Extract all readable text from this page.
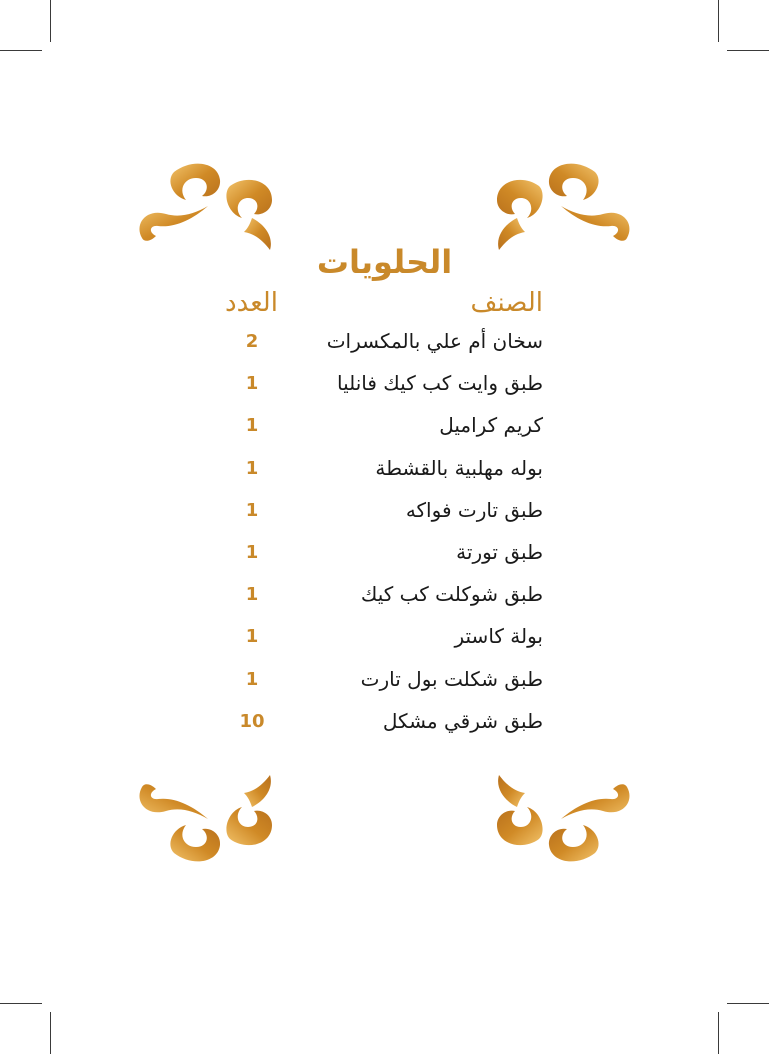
الحلويات
الصنف
العدد
سخان أم علي بالمكسرات
2
طبق وايت كب كيك فانليا
1
كريم كراميل
1
بوله مهلبية بالقشطة
1
طبق تارت فواكه
1
طبق تورتة
1
طبق شوكلت كب كيك
1
بولة كاستر
1
طبق شكلت بول تارت
1
طبق شرقي مشكل
10
